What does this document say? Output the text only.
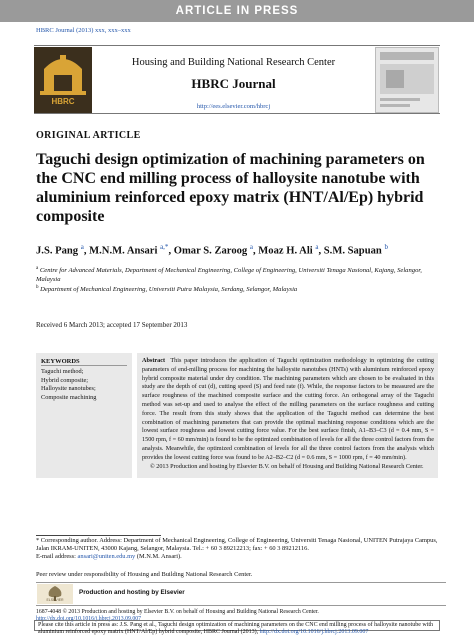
ARTICLE IN PRESS
HBRC Journal (2013) xxx, xxx–xxx
HBRC
Housing and Building National Research Center
HBRC Journal
http://ees.elsevier.com/hbrcj
ORIGINAL ARTICLE
Taguchi design optimization of machining parameters on the CNC end milling process of halloysite nanotube with aluminium reinforced epoxy matrix (HNT/Al/Ep) hybrid composite
J.S. Pang $^a$, M.N.M. Ansari $^{a,*}$, Omar S. Zaroog $^a$, Moaz H. Ali $^a$, S.M. Sapuan $^b$
$^a$ Centre for Advanced Materials, Department of Mechanical Engineering, College of Engineering, Universiti Tenaga Nasional, Kajang, Selangor, Malaysia
$^b$ Department of Mechanical Engineering, Universiti Putra Malaysia, Serdang, Selangor, Malaysia
Received 6 March 2013; accepted 17 September 2013
KEYWORDS
Taguchi method;
Hybrid composite;
Halloysite nanotubes;
Composite machining
Abstract This paper introduces the application of Taguchi optimization methodology in optimizing the cutting parameters of end-milling process for machining the halloysite nanotubes (HNTs) with aluminium reinforced epoxy hybrid composite material under dry condition. The machining parameters which are chosen to be evaluated in this study are the depth of cut (d), cutting speed (S) and feed rate (f). While, the response factors to be measured are the surface roughness of the machined composite surface and the cutting force. An orthogonal array of the Taguchi method was set-up and used to analyse the effect of the milling parameters on the surface roughness and cutting force. The result from this study shows that the application of the Taguchi method can determine the best combination of machining parameters that can provide the optimal machining response conditions which are the lowest surface roughness and lowest cutting force value. For the best surface finish, A1–B3–C3 (d = 0.4 mm, S = 1500 rpm, f = 60 mm/min) is found to be the optimized combination of levels for all the three control factors from the analysis. Meanwhile, the optimized combination of levels for all the three control factors from the analysis which provides the lowest cutting force was found to be A2–B2–C2 (d = 0.6 mm, S = 1000 rpm, f = 40 mm/min).
© 2013 Production and hosting by Elsevier B.V. on behalf of Housing and Building National Research Center.
* Corresponding author. Address: Department of Mechanical Engineering, College of Engineering, Universiti Tenaga Nasional, UNITEN Putrajaya Campus, Jalan IKRAM-UNITEN, 43000 Kajang, Selangor, Malaysia. Tel.: + 60 3 89212213; fax: + 60 3 89212116.
E-mail address: ansari@uniten.edu.my (M.N.M. Ansari).
Peer review under responsibility of Housing and Building National Research Center.
ELSEVIER
Production and hosting by Elsevier
1687-4048 © 2013 Production and hosting by Elsevier B.V. on behalf of Housing and Building National Research Center.
http://dx.doi.org/10.1016/j.hbrcj.2013.09.007
Please cite this article in press as: J.S. Pang et al., Taguchi design optimization of machining parameters on the CNC end milling process of halloysite nanotube with aluminium reinforced epoxy matrix (HNT/Al/Ep) hybrid composite, HBRC Journal (2013), http://dx.doi.org/10.1016/j.hbrcj.2013.09.007
